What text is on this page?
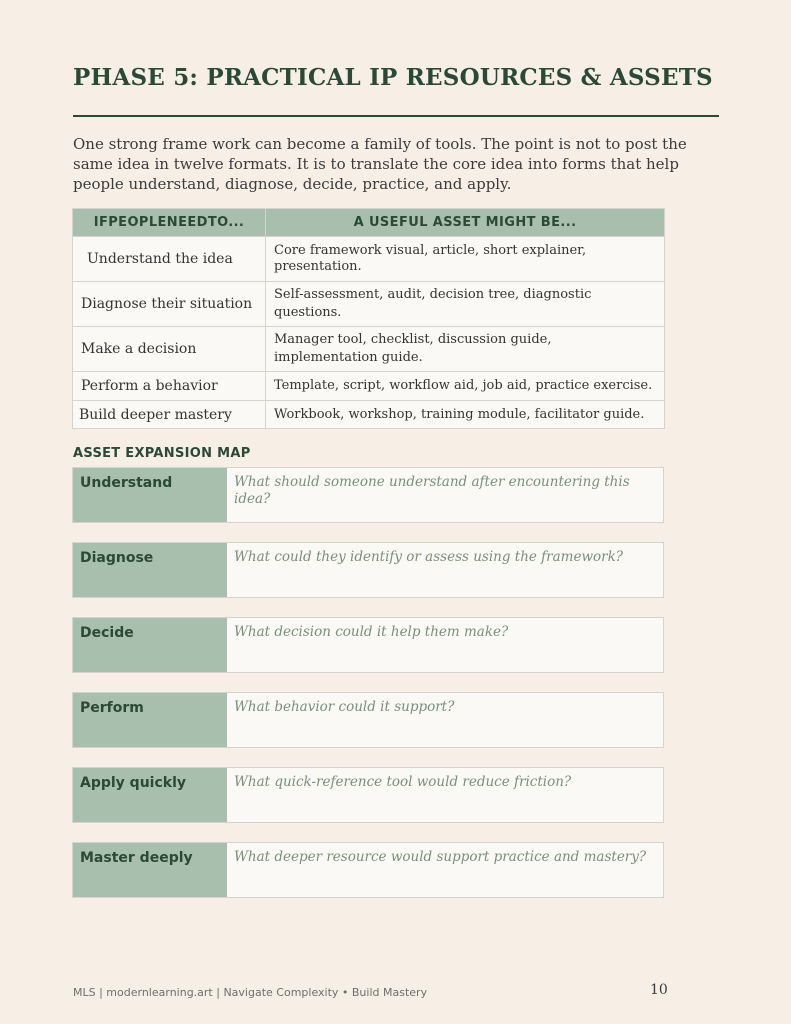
PHASE 5: PRACTICAL IP RESOURCES & ASSETS

One strong frame work can become a family of tools. The point is not to post the same idea in twelve formats. It is to translate the core idea into forms that help people understand, diagnose, decide, practice, and apply.

IFPEOPLENEEDTO...	A USEFUL ASSET MIGHT BE...
Understand the idea	Core framework visual, article, short explainer, presentation.
Diagnose their situation	Self-assessment, audit, decision tree, diagnostic questions.
Make a decision	Manager tool, checklist, discussion guide, implementation guide.
Perform a behavior	Template, script, workflow aid, job aid, practice exercise.
Build deeper mastery	Workbook, workshop, training module, facilitator guide.
ASSET EXPANSION MAP
Understand	What should someone understand after encountering this idea?
Diagnose	What could they identify or assess using the framework?
Decide	What decision could it help them make?
Perform	What behavior could it support?
Apply quickly	What quick-reference tool would reduce friction?
Master deeply	What deeper resource would support practice and mastery?
MLS | modernlearning.art | Navigate Complexity • Build Mastery	10
